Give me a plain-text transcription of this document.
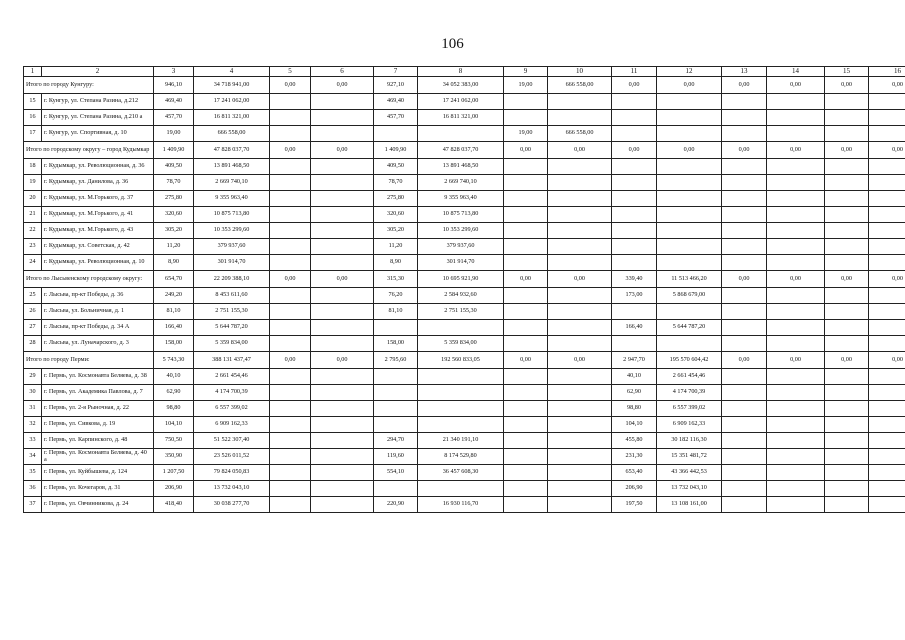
106
1	2	3	4	5	6	7	8	9	10	11	12	13	14	15	16
Итого по городу Кунгуру:		946,10	34 718 941,00	0,00	0,00	927,10	34 052 383,00	19,00	666 558,00	0,00	0,00	0,00	0,00	0,00	0,00
15	г. Кунгур, ул. Степана Разина, д.212	469,40	17 241 062,00			469,40	17 241 062,00								
16	г. Кунгур, ул. Степана Разина, д.210 а	457,70	16 811 321,00			457,70	16 811 321,00								
17	г. Кунгур, ул. Спортивная, д. 10	19,00	666 558,00					19,00	666 558,00						
Итого по городскому округу – город Кудымкар		1 409,90	47 828 037,70	0,00	0,00	1 409,90	47 828 037,70	0,00	0,00	0,00	0,00	0,00	0,00	0,00	0,00
18	г. Кудымкар, ул. Революционная, д. 36	409,50	13 891 468,50			409,50	13 891 468,50								
19	г. Кудымкар, ул. Данилова, д. 36	78,70	2 669 740,10			78,70	2 669 740,10								
20	г. Кудымкар, ул. М.Горького, д. 37	275,80	9 355 963,40			275,80	9 355 963,40								
21	г. Кудымкар, ул. М.Горького, д. 41	320,60	10 875 713,80			320,60	10 875 713,80								
22	г. Кудымкар, ул. М.Горького, д. 43	305,20	10 353 299,60			305,20	10 353 299,60								
23	г. Кудымкар, ул. Советская, д. 42	11,20	379 937,60			11,20	379 937,60								
24	г. Кудымкар, ул. Революционная, д. 10	8,90	301 914,70			8,90	301 914,70								
Итого по Лысьвенскому городскому округу:		654,70	22 209 388,10	0,00	0,00	315,30	10 695 921,90	0,00	0,00	339,40	11 513 466,20	0,00	0,00	0,00	0,00
25	г. Лысьва, пр-кт Победы, д. 36	249,20	8 453 611,60			76,20	2 584 932,60			173,00	5 868 679,00				
26	г. Лысьва, ул. Больничная, д. 1	81,10	2 751 155,30			81,10	2 751 155,30								
27	г. Лысьва, пр-кт Победы, д. 34 А	166,40	5 644 787,20							166,40	5 644 787,20				
28	г. Лысьва, ул. Луначарского, д. 3	158,00	5 359 834,00			158,00	5 359 834,00								
Итого по городу Перми:		5 743,30	388 131 437,47	0,00	0,00	2 795,60	192 560 833,05	0,00	0,00	2 947,70	195 570 604,42	0,00	0,00	0,00	0,00
29	г. Пермь, ул. Космонавта Беляева, д. 38	40,10	2 661 454,46							40,10	2 661 454,46				
30	г. Пермь, ул. Академика Павлова, д. 7	62,90	4 174 700,39							62,90	4 174 700,39				
31	г. Пермь, ул. 2-я Рыночная, д. 22	98,80	6 557 399,02							98,80	6 557 399,02				
32	г. Пермь, ул. Сивкова, д. 19	104,10	6 909 162,33							104,10	6 909 162,33				
33	г. Пермь, ул. Карпинского, д. 48	750,50	51 522 307,40			294,70	21 340 191,10			455,80	30 182 116,30				
34	г. Пермь, ул. Космонавта Беляева, д. 40 а	350,90	23 526 011,52			119,60	8 174 529,80			231,30	15 351 481,72				
35	г. Пермь, ул. Куйбышева, д. 124	1 207,50	79 824 050,83			554,10	36 457 608,30			653,40	43 366 442,53				
36	г. Пермь, ул. Кочегаров, д. 31	206,90	13 732 043,10							206,90	13 732 043,10				
37	г. Пермь, ул. Овчинникова, д. 24	418,40	30 038 277,70			220,90	16 930 116,70			197,50	13 108 161,00				
